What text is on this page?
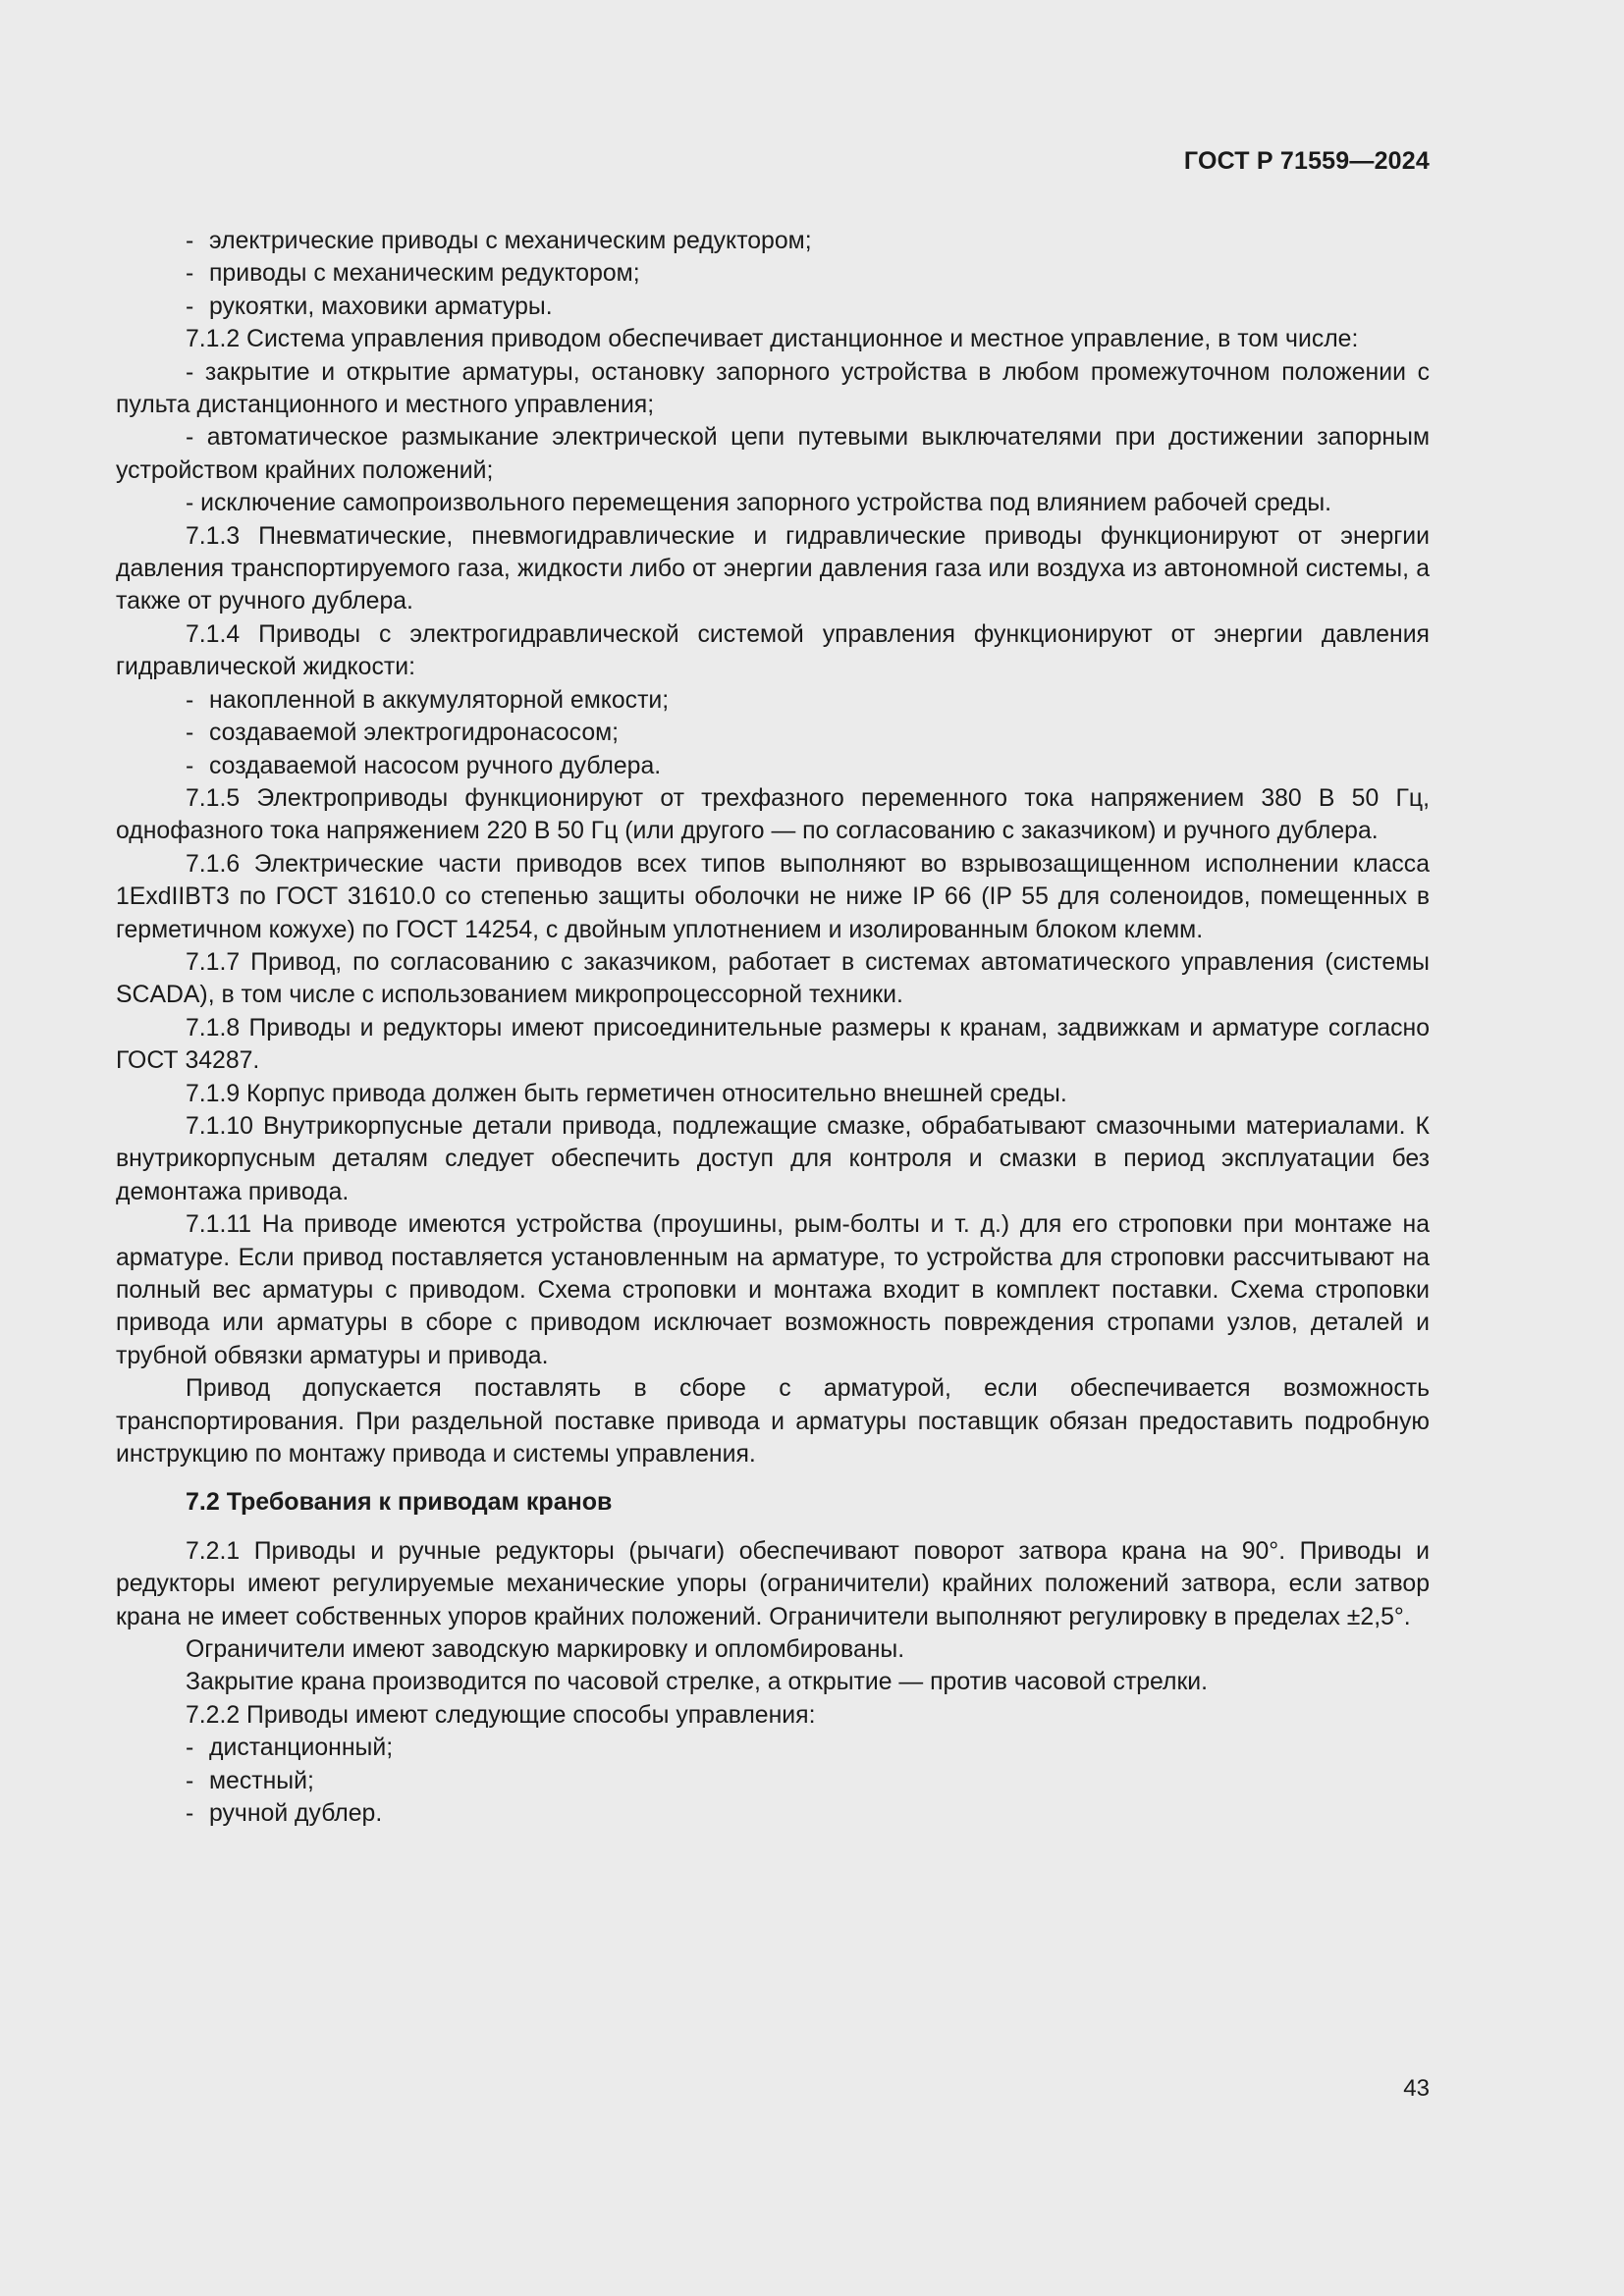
ГОСТ Р 71559—2024
- электрические приводы с механическим редуктором;
- приводы с механическим редуктором;
- рукоятки, маховики арматуры.

7.1.2 Система управления приводом обеспечивает дистанционное и местное управление, в том числе:

- закрытие и открытие арматуры, остановку запорного устройства в любом промежуточном положении с пульта дистанционного и местного управления;

- автоматическое размыкание электрической цепи путевыми выключателями при достижении запорным устройством крайних положений;

- исключение самопроизвольного перемещения запорного устройства под влиянием рабочей среды.

7.1.3 Пневматические, пневмогидравлические и гидравлические приводы функционируют от энергии давления транспортируемого газа, жидкости либо от энергии давления газа или воздуха из автономной системы, а также от ручного дублера.

7.1.4 Приводы с электрогидравлической системой управления функционируют от энергии давления гидравлической жидкости:

- накопленной в аккумуляторной емкости;
- создаваемой электрогидронасосом;
- создаваемой насосом ручного дублера.

7.1.5 Электроприводы функционируют от трехфазного переменного тока напряжением 380 В 50 Гц, однофазного тока напряжением 220 В 50 Гц (или другого — по согласованию с заказчиком) и ручного дублера.

7.1.6 Электрические части приводов всех типов выполняют во взрывозащищенном исполнении класса 1ExdIIBT3 по ГОСТ 31610.0 со степенью защиты оболочки не ниже IP 66 (IP 55 для соленоидов, помещенных в герметичном кожухе) по ГОСТ 14254, с двойным уплотнением и изолированным блоком клемм.

7.1.7 Привод, по согласованию с заказчиком, работает в системах автоматического управления (системы SCADA), в том числе с использованием микропроцессорной техники.

7.1.8 Приводы и редукторы имеют присоединительные размеры к кранам, задвижкам и арматуре согласно ГОСТ 34287.

7.1.9 Корпус привода должен быть герметичен относительно внешней среды.

7.1.10 Внутрикорпусные детали привода, подлежащие смазке, обрабатывают смазочными материалами. К внутрикорпусным деталям следует обеспечить доступ для контроля и смазки в период эксплуатации без демонтажа привода.

7.1.11 На приводе имеются устройства (проушины, рым-болты и т. д.) для его строповки при монтаже на арматуре. Если привод поставляется установленным на арматуре, то устройства для строповки рассчитывают на полный вес арматуры с приводом. Схема строповки и монтажа входит в комплект поставки. Схема строповки привода или арматуры в сборе с приводом исключает возможность повреждения стропами узлов, деталей и трубной обвязки арматуры и привода.

Привод допускается поставлять в сборе с арматурой, если обеспечивается возможность транспортирования. При раздельной поставке привода и арматуры поставщик обязан предоставить подробную инструкцию по монтажу привода и системы управления.

7.2 Требования к приводам кранов

7.2.1 Приводы и ручные редукторы (рычаги) обеспечивают поворот затвора крана на 90°. Приводы и редукторы имеют регулируемые механические упоры (ограничители) крайних положений затвора, если затвор крана не имеет собственных упоров крайних положений. Ограничители выполняют регулировку в пределах ±2,5°.

Ограничители имеют заводскую маркировку и опломбированы.

Закрытие крана производится по часовой стрелке, а открытие — против часовой стрелки.

7.2.2 Приводы имеют следующие способы управления:

- дистанционный;
- местный;
- ручной дублер.
43
